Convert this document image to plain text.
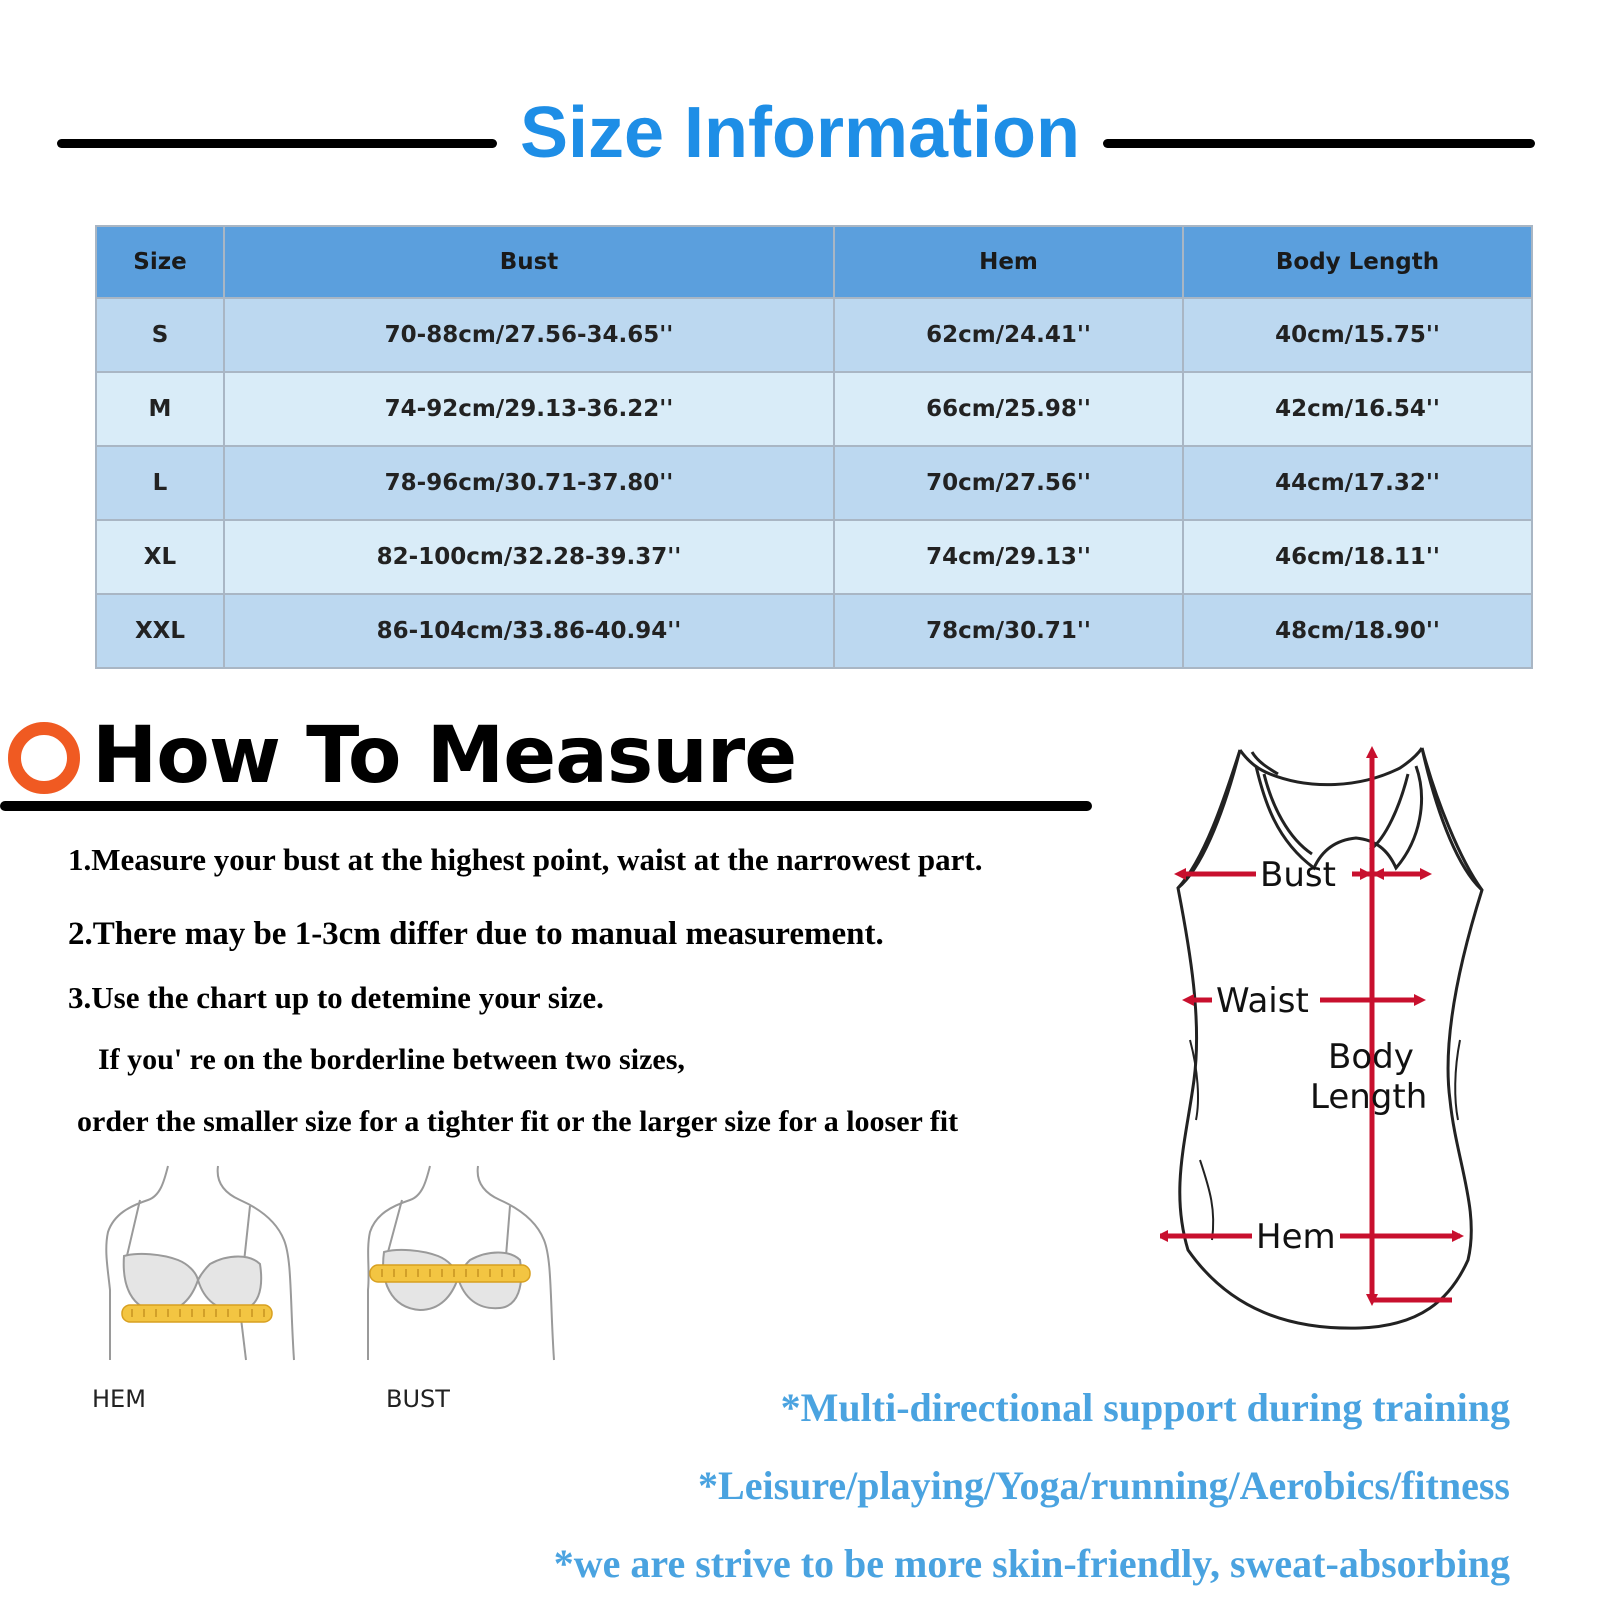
Size Information
Size	Bust	Hem	Body Length
S	70-88cm/27.56-34.65''	62cm/24.41''	40cm/15.75''
M	74-92cm/29.13-36.22''	66cm/25.98''	42cm/16.54''
L	78-96cm/30.71-37.80''	70cm/27.56''	44cm/17.32''
XL	82-100cm/32.28-39.37''	74cm/29.13''	46cm/18.11''
XXL	86-104cm/33.86-40.94''	78cm/30.71''	48cm/18.90''
How To Measure
1.Measure your bust at the highest point, waist at the narrowest part.
2.There may be 1-3cm differ due to manual measurement.
3.Use the chart up to detemine your size.
If you' re on the borderline between two sizes,
order the smaller size for a tighter fit or the larger size for a looser fit
HEM	BUST
Bust
Waist
Body
Length
Hem
*Multi-directional support during training
*Leisure/playing/Yoga/running/Aerobics/fitness
*we are strive to be more skin-friendly, sweat-absorbing
